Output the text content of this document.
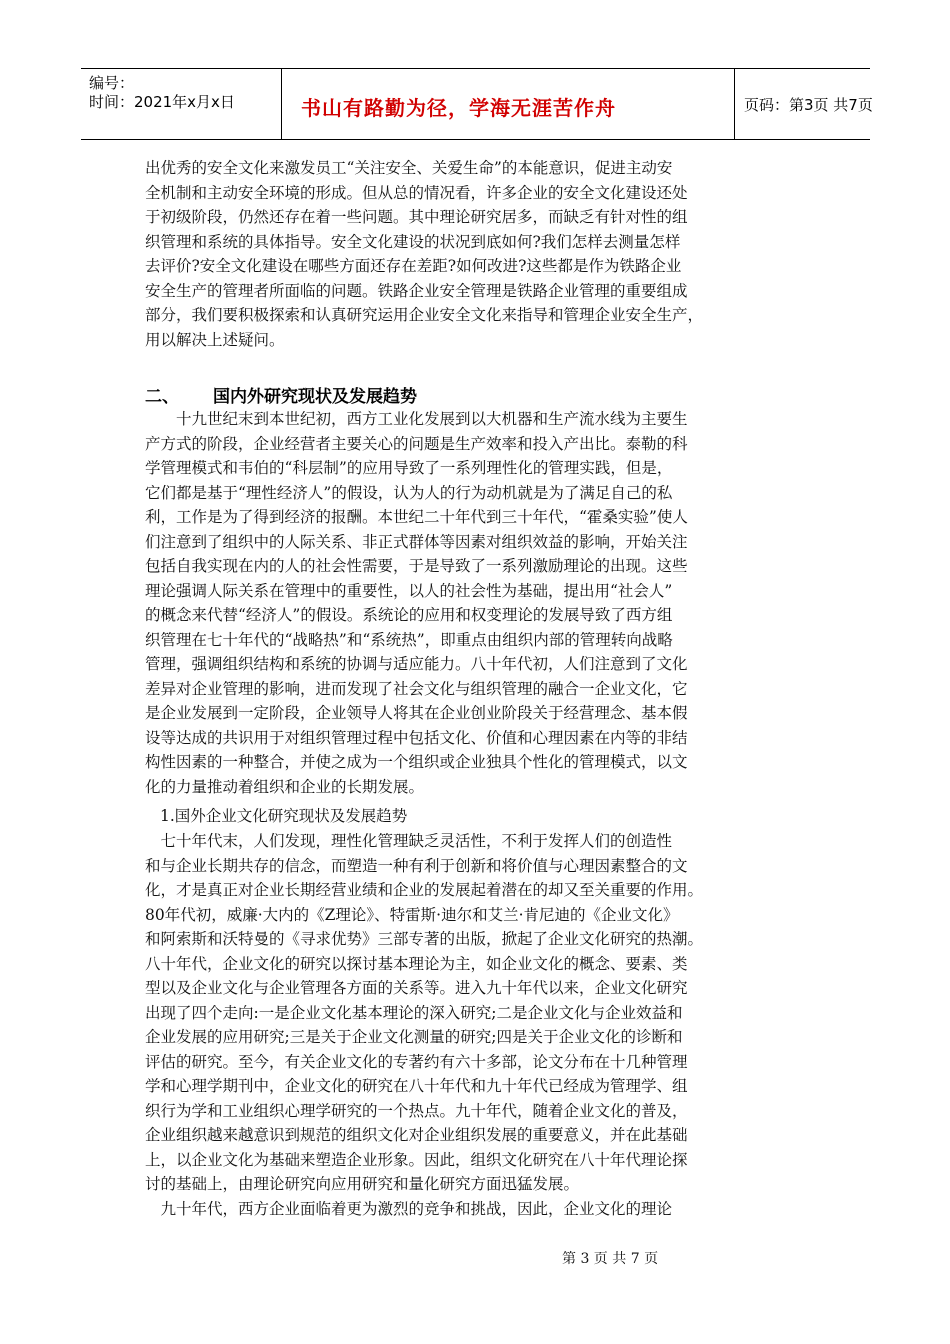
编号：
时间：2021年x月x日	书山有路勤为径，学海无涯苦作舟	页码：第3页 共7页
出优秀的安全文化来激发员工“关注安全、关爱生命”的本能意识，促进主动安
全机制和主动安全环境的形成。但从总的情况看，许多企业的安全文化建设还处
于初级阶段，仍然还存在着一些问题。其中理论研究居多，而缺乏有针对性的组
织管理和系统的具体指导。安全文化建设的状况到底如何?我们怎样去测量怎样
去评价?安全文化建设在哪些方面还存在差距?如何改进?这些都是作为铁路企业
安全生产的管理者所面临的问题。铁路企业安全管理是铁路企业管理的重要组成
部分，我们要积极探索和认真研究运用企业安全文化来指导和管理企业安全生产，
用以解决上述疑问。
二、 国内外研究现状及发展趋势
　　十九世纪末到本世纪初，西方工业化发展到以大机器和生产流水线为主要生
产方式的阶段，企业经营者主要关心的问题是生产效率和投入产出比。泰勒的科
学管理模式和韦伯的“科层制”的应用导致了一系列理性化的管理实践，但是，
它们都是基于“理性经济人”的假设，认为人的行为动机就是为了满足自己的私
利，工作是为了得到经济的报酬。本世纪二十年代到三十年代，“霍桑实验”使人
们注意到了组织中的人际关系、非正式群体等因素对组织效益的影响，开始关注
包括自我实现在内的人的社会性需要，于是导致了一系列激励理论的出现。这些
理论强调人际关系在管理中的重要性，以人的社会性为基础，提出用“社会人”
的概念来代替“经济人”的假设。系统论的应用和权变理论的发展导致了西方组
织管理在七十年代的“战略热”和“系统热”，即重点由组织内部的管理转向战略
管理，强调组织结构和系统的协调与适应能力。八十年代初，人们注意到了文化
差异对企业管理的影响，进而发现了社会文化与组织管理的融合一企业文化，它
是企业发展到一定阶段，企业领导人将其在企业创业阶段关于经营理念、基本假
设等达成的共识用于对组织管理过程中包括文化、价值和心理因素在内等的非结
构性因素的一种整合，并使之成为一个组织或企业独具个性化的管理模式，以文
化的力量推动着组织和企业的长期发展。
1.国外企业文化研究现状及发展趋势
　七十年代末，人们发现，理性化管理缺乏灵活性，不利于发挥人们的创造性
和与企业长期共存的信念，而塑造一种有利于创新和将价值与心理因素整合的文
化，才是真正对企业长期经营业绩和企业的发展起着潜在的却又至关重要的作用。
80年代初，威廉·大内的《Z理论》、特雷斯·迪尔和艾兰·肯尼迪的《企业文化》
和阿索斯和沃特曼的《寻求优势》三部专著的出版，掀起了企业文化研究的热潮。
八十年代，企业文化的研究以探讨基本理论为主，如企业文化的概念、要素、类
型以及企业文化与企业管理各方面的关系等。进入九十年代以来，企业文化研究
出现了四个走向:一是企业文化基本理论的深入研究;二是企业文化与企业效益和
企业发展的应用研究;三是关于企业文化测量的研究;四是关于企业文化的诊断和
评估的研究。至今，有关企业文化的专著约有六十多部，论文分布在十几种管理
学和心理学期刊中，企业文化的研究在八十年代和九十年代已经成为管理学、组
织行为学和工业组织心理学研究的一个热点。九十年代，随着企业文化的普及，
企业组织越来越意识到规范的组织文化对企业组织发展的重要意义，并在此基础
上，以企业文化为基础来塑造企业形象。因此，组织文化研究在八十年代理论探
讨的基础上，由理论研究向应用研究和量化研究方面迅猛发展。
　九十年代，西方企业面临着更为激烈的竞争和挑战，因此，企业文化的理论
第 3 页 共 7 页
